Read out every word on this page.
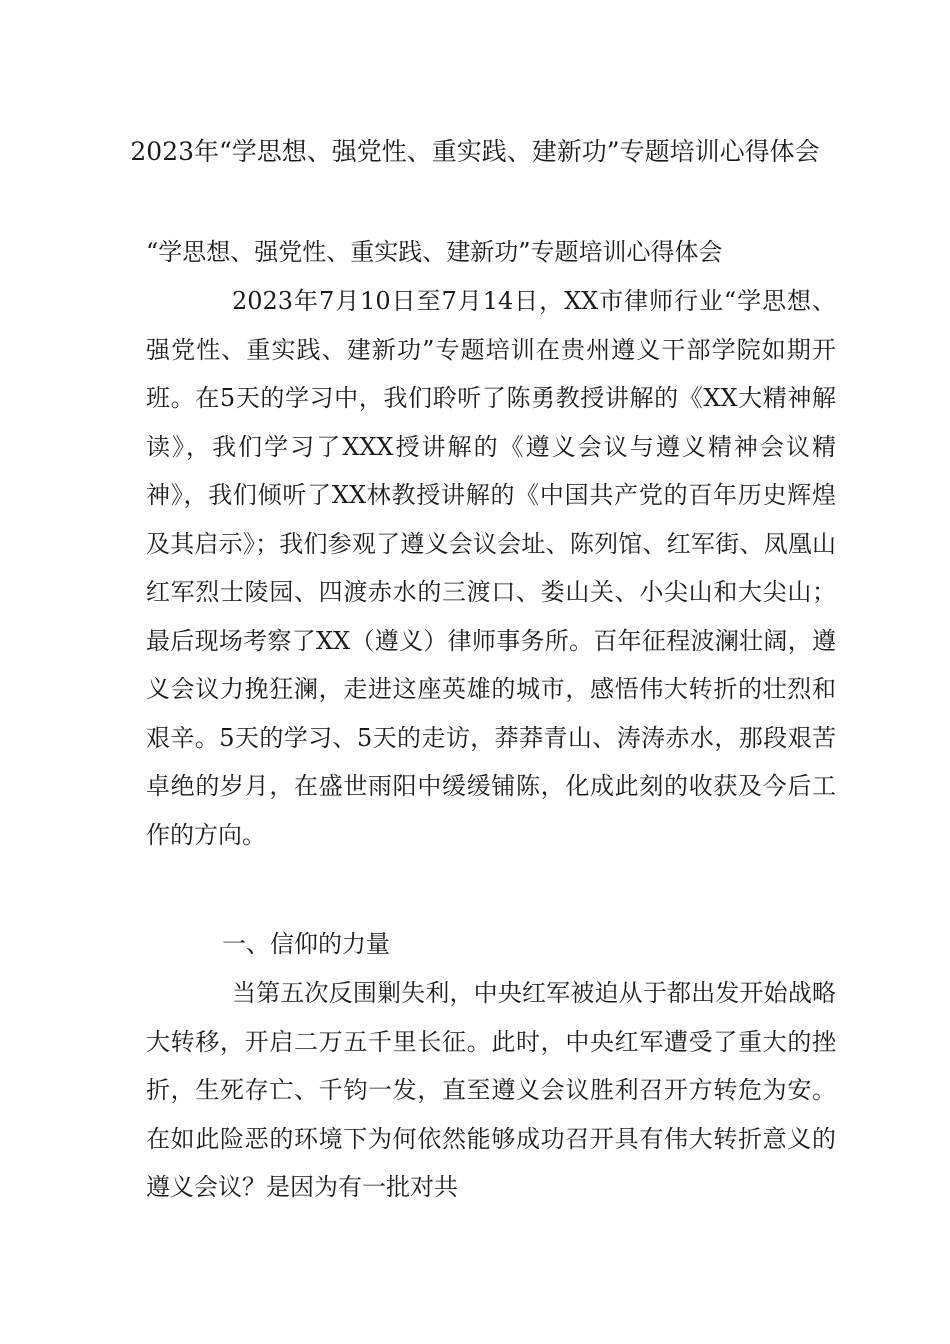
2023年“学思想、强党性、重实践、建新功”专题培训心得体会

“学思想、强党性、重实践、建新功”专题培训心得体会

2023年7月10日至7月14日，XX市律师行业“学思想、强党性、重实践、建新功”专题培训在贵州遵义干部学院如期开班。在5天的学习中，我们聆听了陈勇教授讲解的《XX大精神解读》，我们学习了XXX授讲解的《遵义会议与遵义精神会议精神》，我们倾听了XX林教授讲解的《中国共产党的百年历史辉煌及其启示》；我们参观了遵义会议会址、陈列馆、红军街、凤凰山红军烈士陵园、四渡赤水的三渡口、娄山关、小尖山和大尖山；最后现场考察了XX（遵义）律师事务所。百年征程波澜壮阔，遵义会议力挽狂澜，走进这座英雄的城市，感悟伟大转折的壮烈和艰辛。5天的学习、5天的走访，莽莽青山、涛涛赤水，那段艰苦卓绝的岁月，在盛世雨阳中缓缓铺陈，化成此刻的收获及今后工作的方向。

一、信仰的力量

当第五次反围剿失利，中央红军被迫从于都出发开始战略大转移，开启二万五千里长征。此时，中央红军遭受了重大的挫折，生死存亡、千钧一发，直至遵义会议胜利召开方转危为安。在如此险恶的环境下为何依然能够成功召开具有伟大转折意义的遵义会议？是因为有一批对共
